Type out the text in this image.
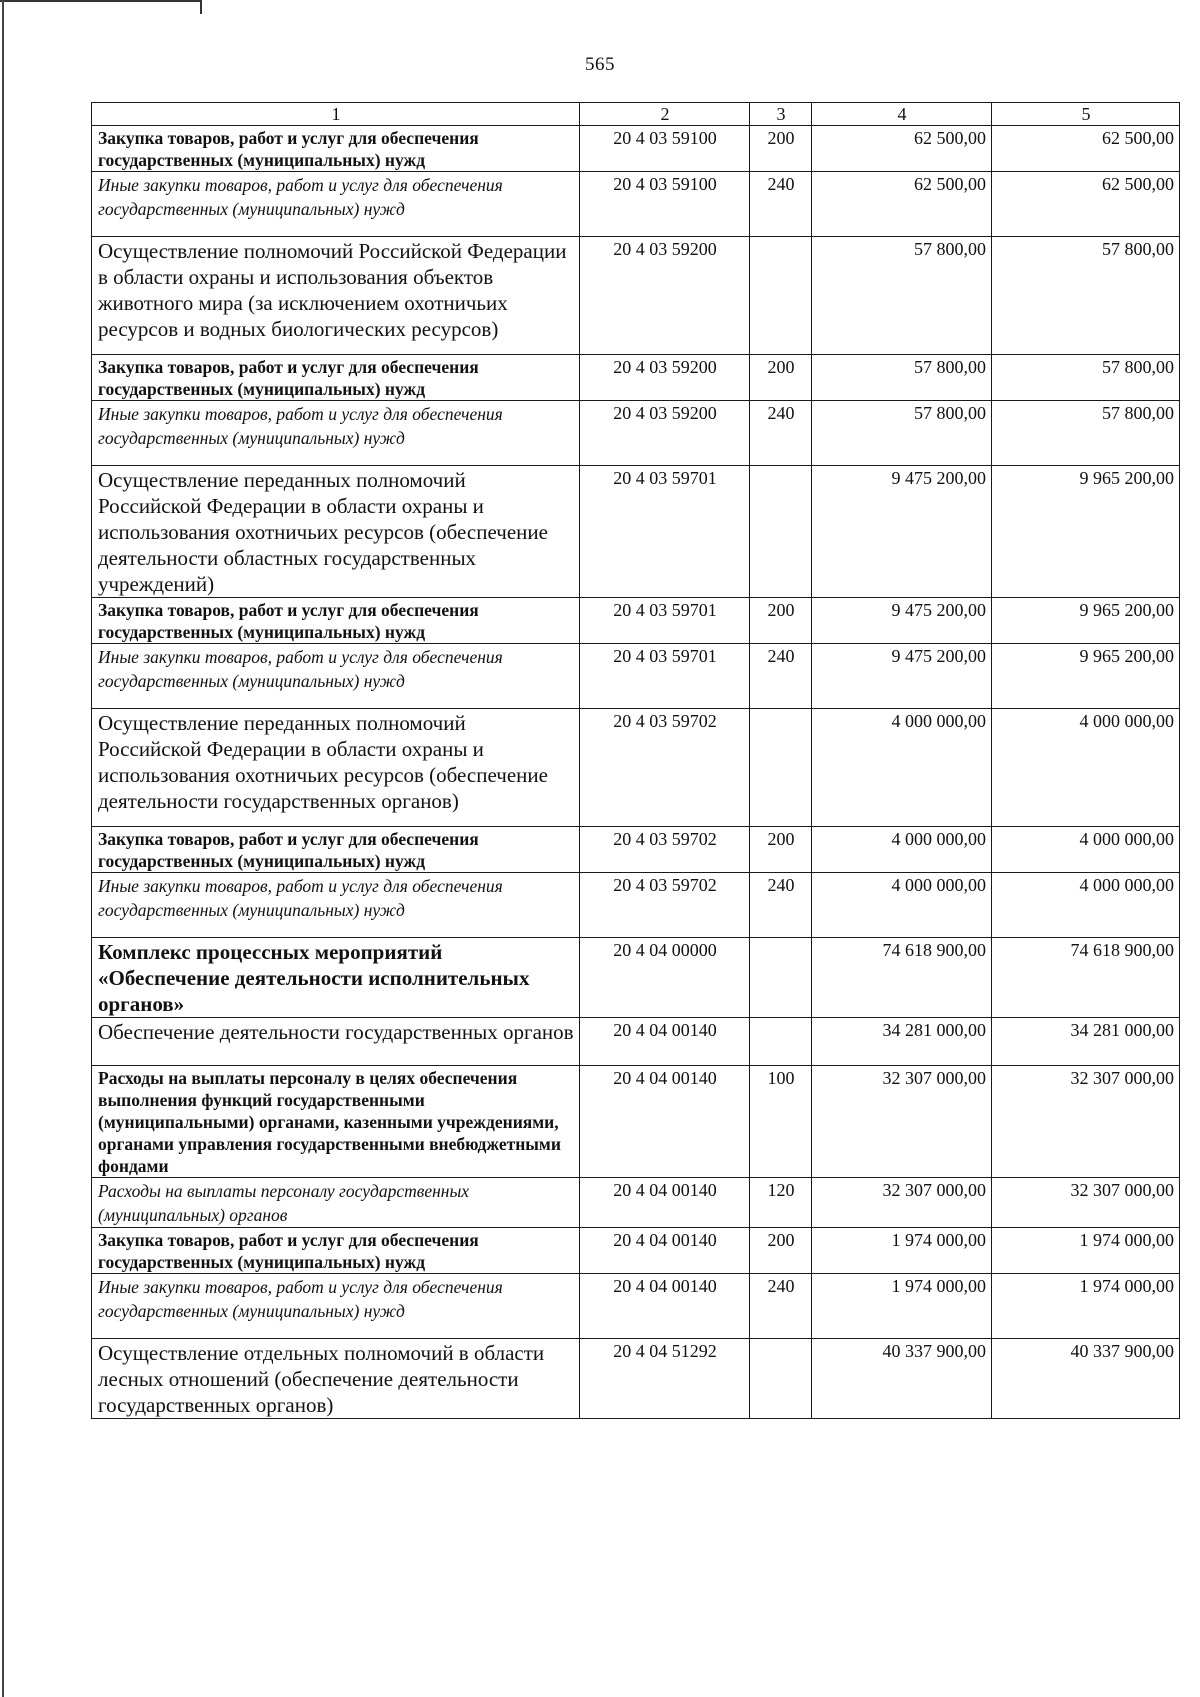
565
1	2	3	4	5

Закупка товаров, работ и услуг для обеспечения государственных (муниципальных) нужд	20 4 03 59100	200	62 500,00	62 500,00

Иные закупки товаров, работ и услуг для обеспечения государственных (муниципальных) нужд	20 4 03 59100	240	62 500,00	62 500,00

Осуществление полномочий Российской Федерации в области охраны и использования объектов животного мира (за исключением охотничьих ресурсов и водных биологических ресурсов)	20 4 03 59200		57 800,00	57 800,00

Закупка товаров, работ и услуг для обеспечения государственных (муниципальных) нужд	20 4 03 59200	200	57 800,00	57 800,00

Иные закупки товаров, работ и услуг для обеспечения государственных (муниципальных) нужд	20 4 03 59200	240	57 800,00	57 800,00

Осуществление переданных полномочий Российской Федерации в области охраны и использования охотничьих ресурсов (обеспечение деятельности областных государственных учреждений)	20 4 03 59701		9 475 200,00	9 965 200,00

Закупка товаров, работ и услуг для обеспечения государственных (муниципальных) нужд	20 4 03 59701	200	9 475 200,00	9 965 200,00

Иные закупки товаров, работ и услуг для обеспечения государственных (муниципальных) нужд	20 4 03 59701	240	9 475 200,00	9 965 200,00

Осуществление переданных полномочий Российской Федерации в области охраны и использования охотничьих ресурсов (обеспечение деятельности государственных органов)	20 4 03 59702		4 000 000,00	4 000 000,00

Закупка товаров, работ и услуг для обеспечения государственных (муниципальных) нужд	20 4 03 59702	200	4 000 000,00	4 000 000,00

Иные закупки товаров, работ и услуг для обеспечения государственных (муниципальных) нужд	20 4 03 59702	240	4 000 000,00	4 000 000,00

Комплекс процессных мероприятий «Обеспечение деятельности исполнительных органов»	20 4 04 00000		74 618 900,00	74 618 900,00

Обеспечение деятельности государственных органов	20 4 04 00140		34 281 000,00	34 281 000,00

Расходы на выплаты персоналу в целях обеспечения выполнения функций государственными (муниципальными) органами, казенными учреждениями, органами управления государственными внебюджетными фондами	20 4 04 00140	100	32 307 000,00	32 307 000,00

Расходы на выплаты персоналу государственных (муниципальных) органов	20 4 04 00140	120	32 307 000,00	32 307 000,00

Закупка товаров, работ и услуг для обеспечения государственных (муниципальных) нужд	20 4 04 00140	200	1 974 000,00	1 974 000,00

Иные закупки товаров, работ и услуг для обеспечения государственных (муниципальных) нужд	20 4 04 00140	240	1 974 000,00	1 974 000,00

Осуществление отдельных полномочий в области лесных отношений (обеспечение деятельности государственных органов)	20 4 04 51292		40 337 900,00	40 337 900,00
